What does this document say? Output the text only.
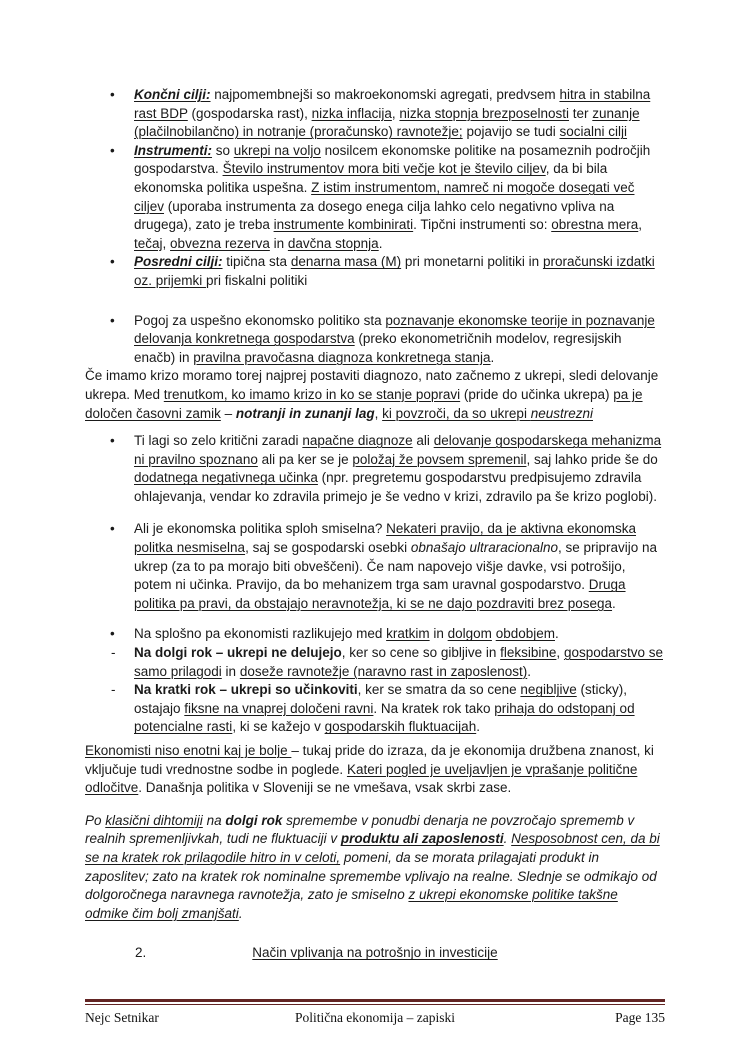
• Končni cilji: najpomembnejši so makroekonomski agregati, predvsem hitra in stabilna rast BDP (gospodarska rast), nizka inflacija, nizka stopnja brezposelnosti ter zunanje (plačilnobilančno) in notranje (proračunsko) ravnotežje; pojavijo se tudi socialni cilji
• Instrumenti: so ukrepi na voljo nosilcem ekonomske politike na posameznih področjih gospodarstva. Število instrumentov mora biti večje kot je število ciljev, da bi bila ekonomska politika uspešna. Z istim instrumentom, namreč ni mogoče dosegati več ciljev (uporaba instrumenta za dosego enega cilja lahko celo negativno vpliva na drugega), zato je treba instrumente kombinirati. Tipčni instrumenti so: obrestna mera, tečaj, obvezna rezerva in davčna stopnja.
• Posredni cilji: tipična sta denarna masa (M) pri monetarni politiki in proračunski izdatki oz. prijemki pri fiskalni politiki
• Pogoj za uspešno ekonomsko politiko sta poznavanje ekonomske teorije in poznavanje delovanja konkretnega gospodarstva (preko ekonometričnih modelov, regresijskih enačb) in pravilna pravočasna diagnoza konkretnega stanja.
Če imamo krizo moramo torej najprej postaviti diagnozo, nato začnemo z ukrepi, sledi delovanje ukrepa. Med trenutkom, ko imamo krizo in ko se stanje popravi (pride do učinka ukrepa) pa je določen časovni zamik – notranji in zunanji lag, ki povzroči, da so ukrepi neustrezni
• Ti lagi so zelo kritični zaradi napačne diagnoze ali delovanje gospodarskega mehanizma ni pravilno spoznano ali pa ker se je položaj že povsem spremenil, saj lahko pride še do dodatnega negativnega učinka (npr. pregretemu gospodarstvu predpisujemo zdravila ohlajevanja, vendar ko zdravila primejo je še vedno v krizi, zdravilo pa še krizo poglobi).
• Ali je ekonomska politika sploh smiselna? Nekateri pravijo, da je aktivna ekonomska politka nesmiselna, saj se gospodarski osebki obnašajo ultraracionalno, se pripravijo na ukrep (za to pa morajo biti obveščeni). Če nam napovejo višje davke, vsi potrošijo, potem ni učinka. Pravijo, da bo mehanizem trga sam uravnal gospodarstvo. Druga politika pa pravi, da obstajajo neravnotežja, ki se ne dajo pozdraviti brez posega.
• Na splošno pa ekonomisti razlikujejo med kratkim in dolgom obdobjem.
- Na dolgi rok – ukrepi ne delujejo, ker so cene so gibljive in fleksibine, gospodarstvo se samo prilagodi in doseže ravnotežje (naravno rast in zaposlenost).
- Na kratki rok – ukrepi so učinkoviti, ker se smatra da so cene negibljive (sticky), ostajajo fiksne na vnaprej določeni ravni. Na kratek rok tako prihaja do odstopanj od potencialne rasti, ki se kažejo v gospodarskih fluktuacijah.
Ekonomisti niso enotni kaj je bolje – tukaj pride do izraza, da je ekonomija družbena znanost, ki vključuje tudi vrednostne sodbe in poglede. Kateri pogled je uveljavljen je vprašanje politične odločitve. Današnja politika v Sloveniji se ne vmešava, vsak skrbi zase.
Po klasični dihtomiji na dolgi rok spremembe v ponudbi denarja ne povzročajo sprememb v realnih spremenljivkah, tudi ne fluktuaciji v produktu ali zaposlenosti. Nesposobnost cen, da bi se na kratek rok prilagodile hitro in v celoti, pomeni, da se morata prilagajati produkt in zaposlitev; zato na kratek rok nominalne spremembe vplivajo na realne. Slednje se odmikajo od dolgoročnega naravnega ravnotežja, zato je smiselno z ukrepi ekonomske politike takšne odmike čim bolj zmanjšati.
2.	Način vplivanja na potrošnjo in investicije
Nejc Setnikar	Politična ekonomija – zapiski	Page 135
